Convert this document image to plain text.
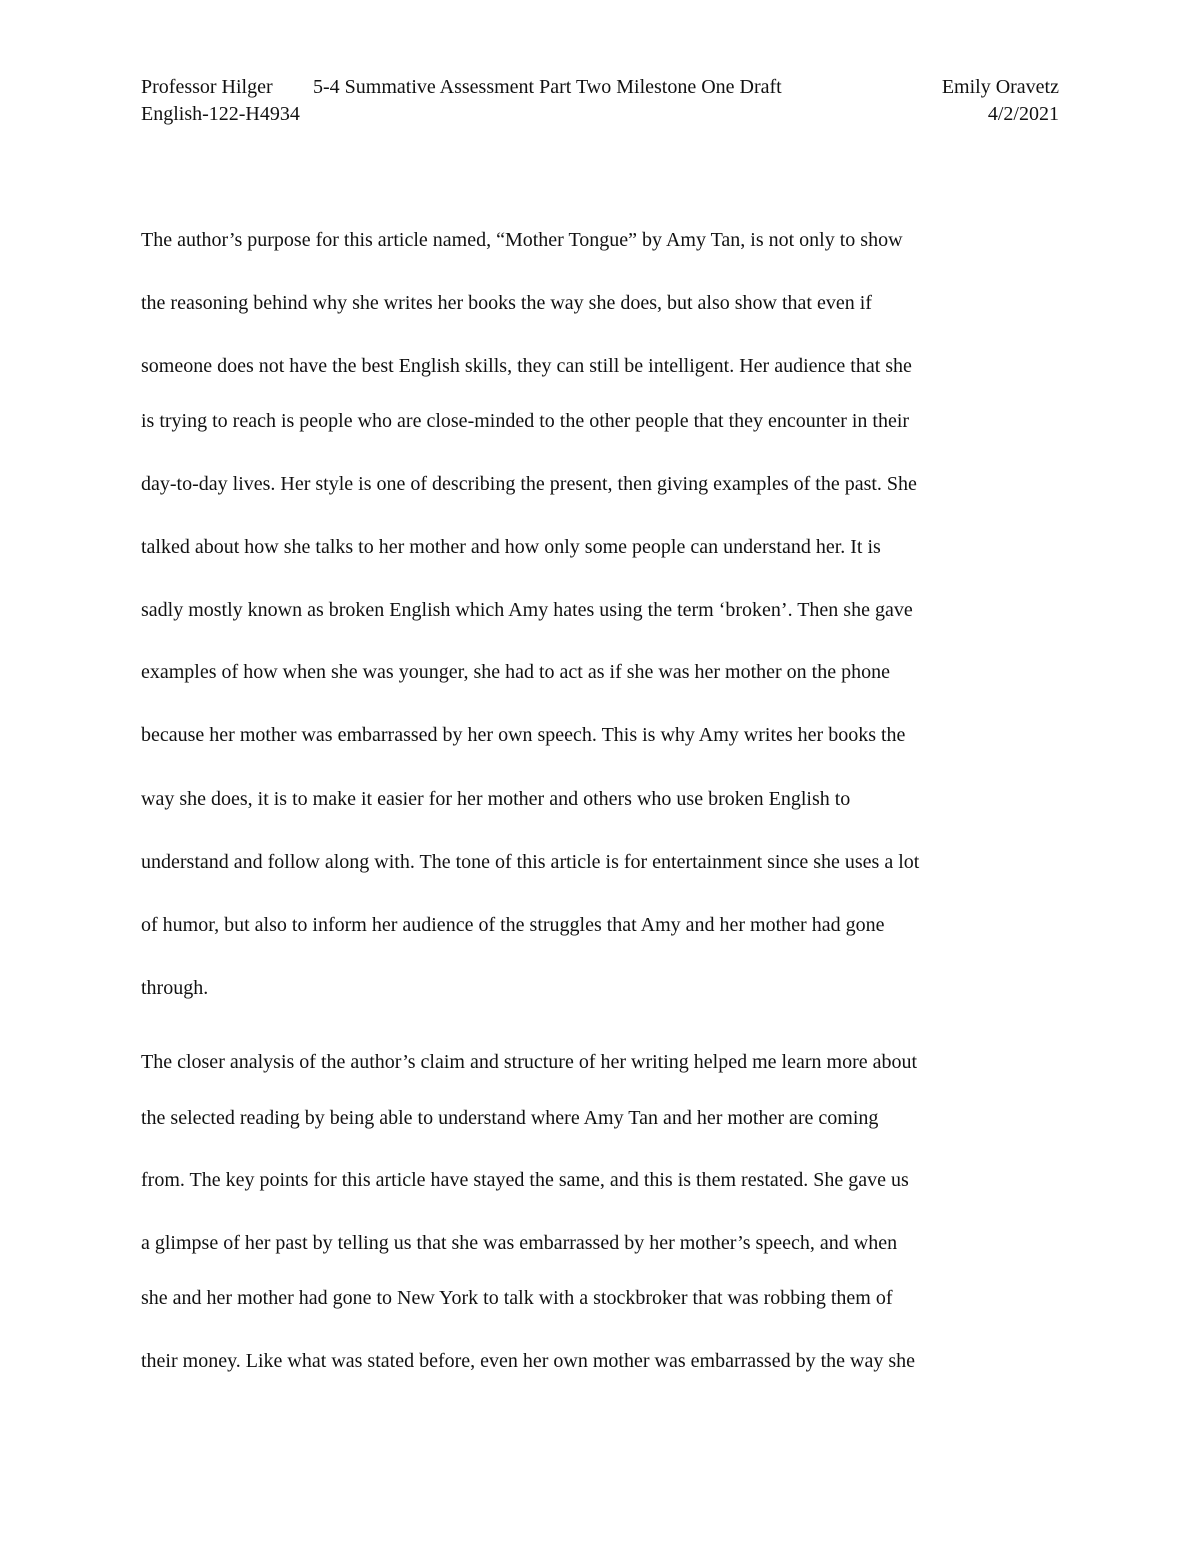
Professor Hilger 5-4 Summative Assessment Part Two Milestone One Draft	Emily Oravetz
English-122-H4934	4/2/2021
The author’s purpose for this article named, “Mother Tongue” by Amy Tan, is not only to show
the reasoning behind why she writes her books the way she does, but also show that even if
someone does not have the best English skills, they can still be intelligent. Her audience that she
is trying to reach is people who are close-minded to the other people that they encounter in their
day-to-day lives. Her style is one of describing the present, then giving examples of the past. She
talked about how she talks to her mother and how only some people can understand her. It is
sadly mostly known as broken English which Amy hates using the term ‘broken’. Then she gave
examples of how when she was younger, she had to act as if she was her mother on the phone
because her mother was embarrassed by her own speech. This is why Amy writes her books the
way she does, it is to make it easier for her mother and others who use broken English to
understand and follow along with. The tone of this article is for entertainment since she uses a lot
of humor, but also to inform her audience of the struggles that Amy and her mother had gone
through.
The closer analysis of the author’s claim and structure of her writing helped me learn more about
the selected reading by being able to understand where Amy Tan and her mother are coming
from. The key points for this article have stayed the same, and this is them restated. She gave us
a glimpse of her past by telling us that she was embarrassed by her mother’s speech, and when
she and her mother had gone to New York to talk with a stockbroker that was robbing them of
their money. Like what was stated before, even her own mother was embarrassed by the way she
